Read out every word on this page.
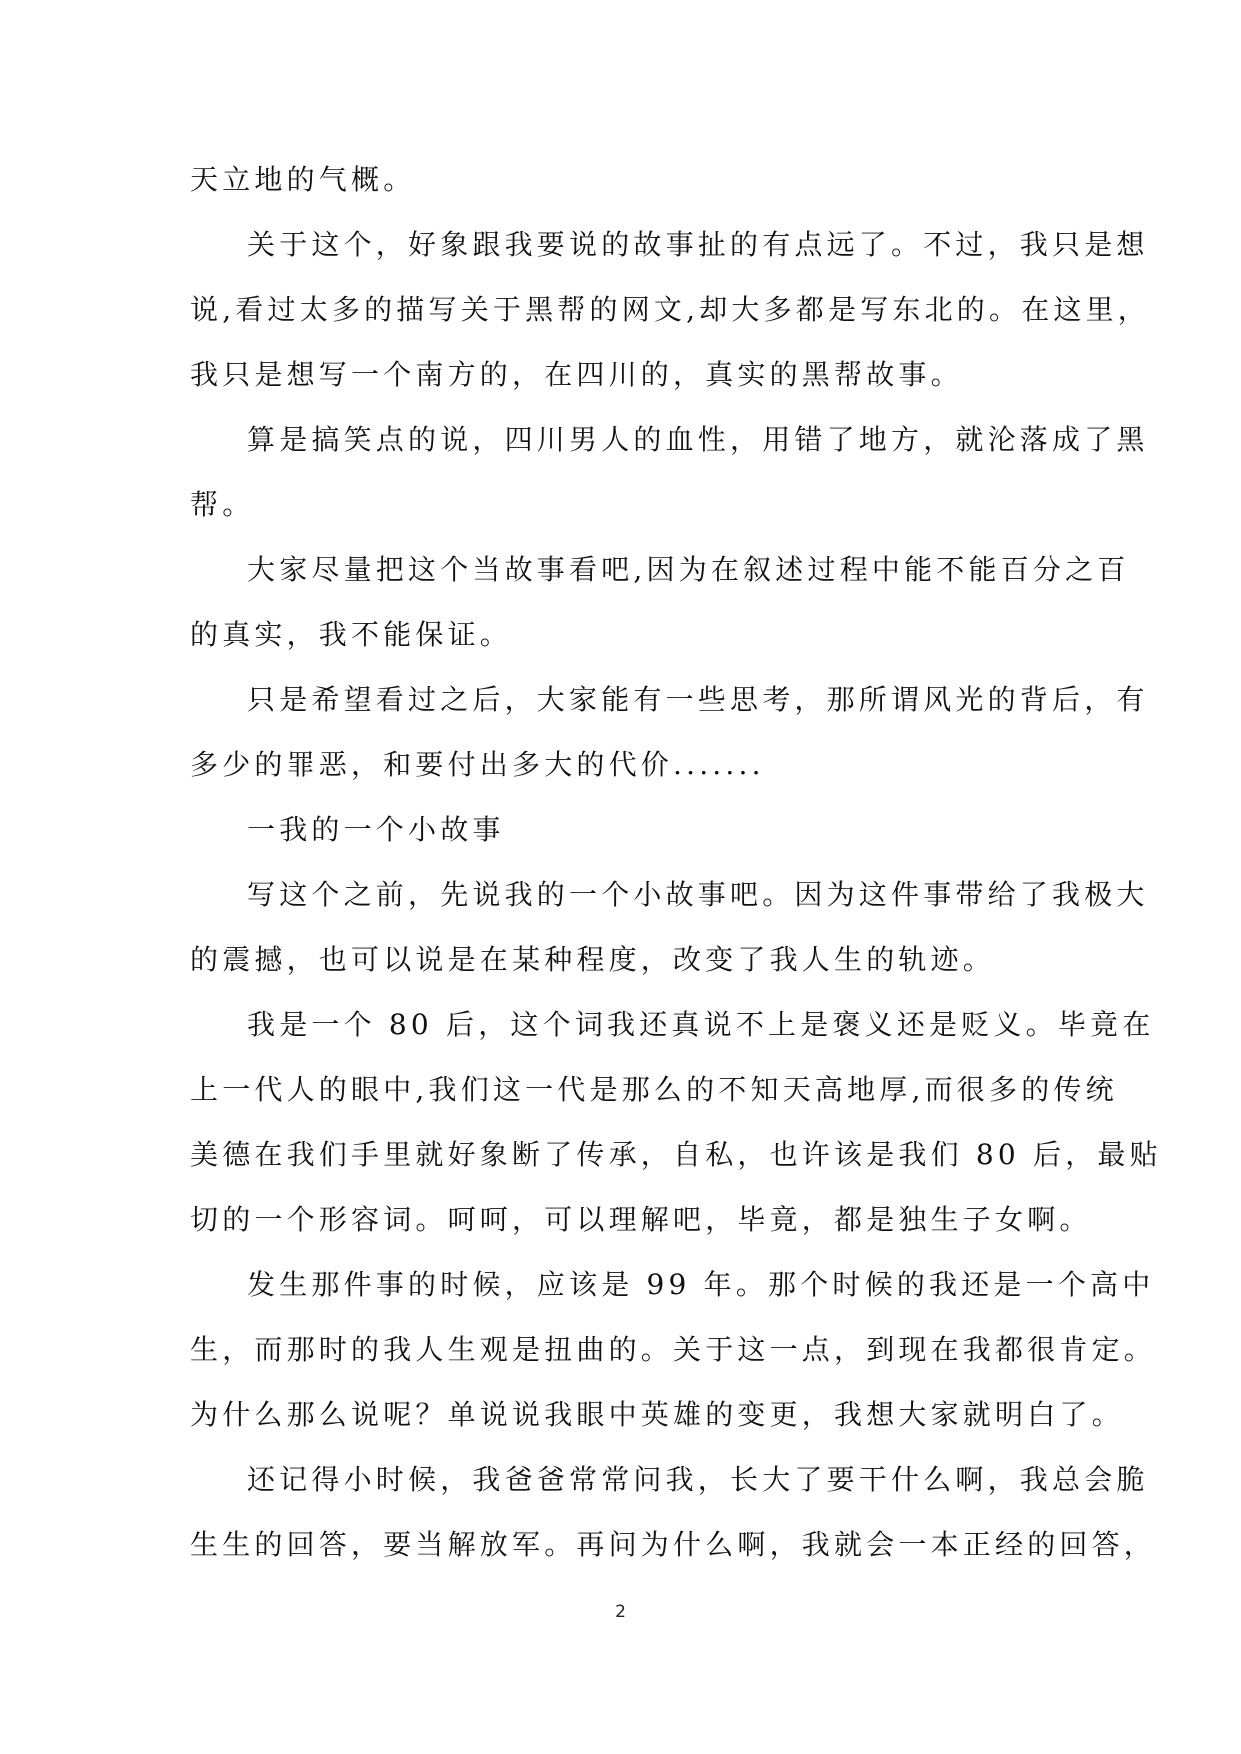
天立地的气概。
关于这个，好象跟我要说的故事扯的有点远了。不过，我只是想
说,看过太多的描写关于黑帮的网文,却大多都是写东北的。在这里，
我只是想写一个南方的，在四川的，真实的黑帮故事。
算是搞笑点的说，四川男人的血性，用错了地方，就沦落成了黑
帮。
大家尽量把这个当故事看吧,因为在叙述过程中能不能百分之百
的真实，我不能保证。
只是希望看过之后，大家能有一些思考，那所谓风光的背后，有
多少的罪恶，和要付出多大的代价.......
一我的一个小故事
写这个之前，先说我的一个小故事吧。因为这件事带给了我极大
的震撼，也可以说是在某种程度，改变了我人生的轨迹。
我是一个 80 后，这个词我还真说不上是褒义还是贬义。毕竟在
上一代人的眼中,我们这一代是那么的不知天高地厚,而很多的传统
美德在我们手里就好象断了传承，自私，也许该是我们 80 后，最贴
切的一个形容词。呵呵，可以理解吧，毕竟，都是独生子女啊。
发生那件事的时候，应该是 99 年。那个时候的我还是一个高中
生，而那时的我人生观是扭曲的。关于这一点，到现在我都很肯定。
为什么那么说呢？单说说我眼中英雄的变更，我想大家就明白了。
还记得小时候，我爸爸常常问我，长大了要干什么啊，我总会脆
生生的回答，要当解放军。再问为什么啊，我就会一本正经的回答，
2
